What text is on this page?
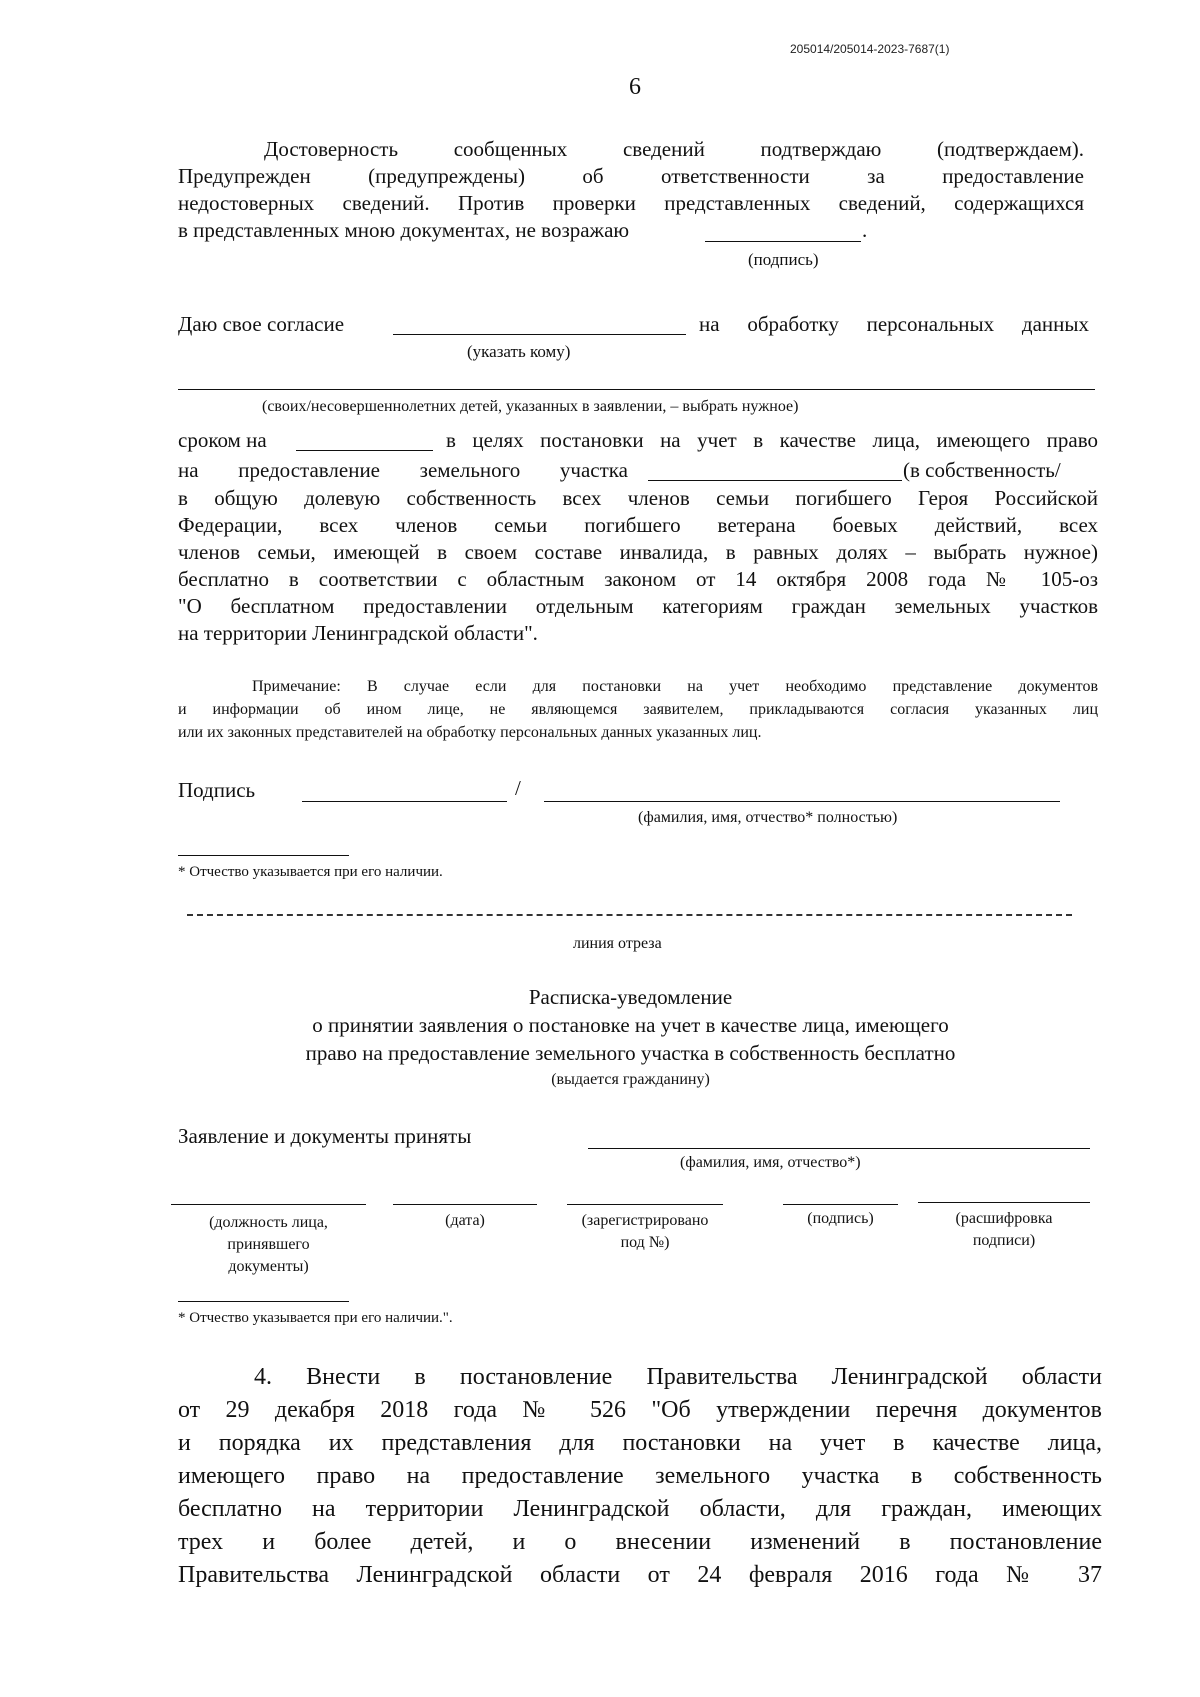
205014/205014-2023-7687(1)
6
Достоверность сообщенных сведений подтверждаю (подтверждаем).
Предупрежден (предупреждены) об ответственности за предоставление
недостоверных сведений. Против проверки представленных сведений, содержащихся
в представленных мною документах, не возражаю	.
(подпись)
Даю свое согласие	на обработку персональных данных
(указать кому)
(своих/несовершеннолетних детей, указанных в заявлении, – выбрать нужное)
сроком на	в целях постановки на учет в качестве лица, имеющего право
на предоставление земельного участка	(в собственность/
в общую долевую собственность всех членов семьи погибшего Героя Российской
Федерации, всех членов семьи погибшего ветерана боевых действий, всех
членов семьи, имеющей в своем составе инвалида, в равных долях – выбрать нужное)
бесплатно в соответствии с областным законом от 14 октября 2008 года № 105-оз
"О бесплатном предоставлении отдельным категориям граждан земельных участков
на территории Ленинградской области".
Примечание: В случае если для постановки на учет необходимо представление документов
и информации об ином лице, не являющемся заявителем, прикладываются согласия указанных лиц
или их законных представителей на обработку персональных данных указанных лиц.
Подпись	/
(фамилия, имя, отчество* полностью)
* Отчество указывается при его наличии.
линия отреза
Расписка-уведомление
о принятии заявления о постановке на учет в качестве лица, имеющего
право на предоставление земельного участка в собственность бесплатно
(выдается гражданину)
Заявление и документы приняты
(фамилия, имя, отчество*)
(должность лица,
принявшего
документы)
(дата)	(зарегистрировано
под №)
(подпись)	(расшифровка
подписи)
* Отчество указывается при его наличии.".
4. Внести в постановление Правительства Ленинградской области
от 29 декабря 2018 года № 526 "Об утверждении перечня документов
и порядка их представления для постановки на учет в качестве лица,
имеющего право на предоставление земельного участка в собственность
бесплатно на территории Ленинградской области, для граждан, имеющих
трех и более детей, и о внесении изменений в постановление
Правительства Ленинградской области от 24 февраля 2016 года № 37
